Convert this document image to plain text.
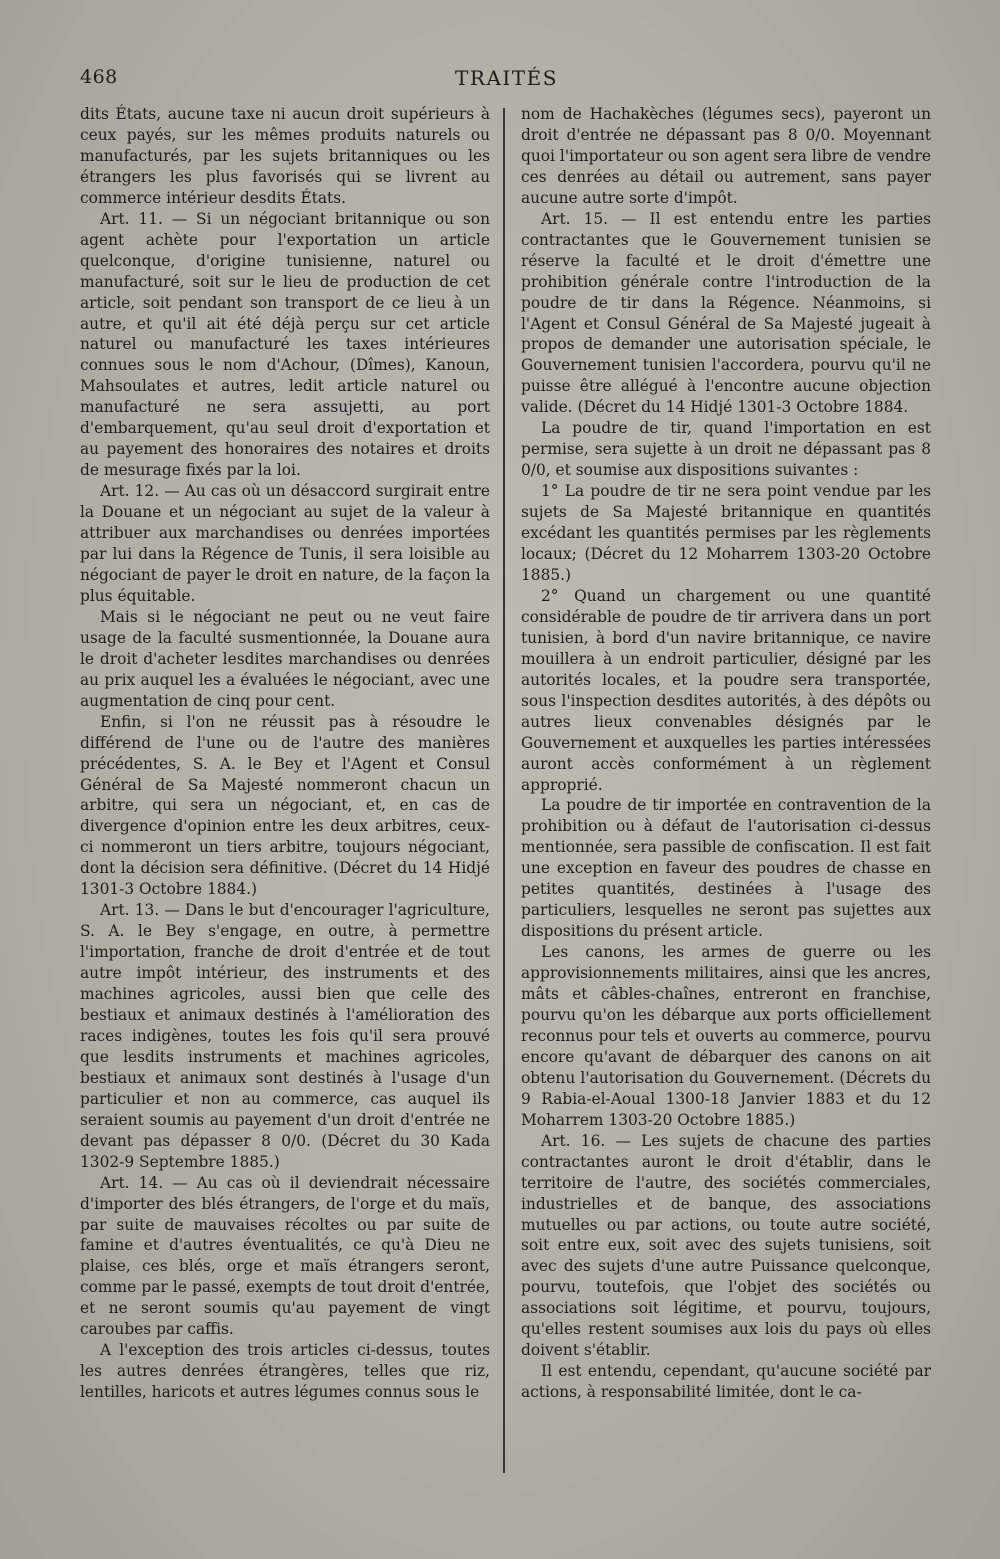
468	TRAITÉS

dits États, aucune taxe ni aucun droit supérieurs à ceux payés, sur les mêmes produits naturels ou manufacturés, par les sujets britanniques ou les étrangers les plus favorisés qui se livrent au commerce intérieur desdits États.

Art. 11. — Si un négociant britannique ou son agent achète pour l'exportation un article quelconque, d'origine tunisienne, naturel ou manufacturé, soit sur le lieu de production de cet article, soit pendant son transport de ce lieu à un autre, et qu'il ait été déjà perçu sur cet article naturel ou manufacturé les taxes intérieures connues sous le nom d'Achour, (Dîmes), Kanoun, Mahsoulates et autres, ledit article naturel ou manufacturé ne sera assujetti, au port d'embarquement, qu'au seul droit d'exportation et au payement des honoraires des notaires et droits de mesurage fixés par la loi.

Art. 12. — Au cas où un désaccord surgirait entre la Douane et un négociant au sujet de la valeur à attribuer aux marchandises ou denrées importées par lui dans la Régence de Tunis, il sera loisible au négociant de payer le droit en nature, de la façon la plus équitable.

Mais si le négociant ne peut ou ne veut faire usage de la faculté susmentionnée, la Douane aura le droit d'acheter lesdites marchandises ou denrées au prix auquel les a évaluées le négociant, avec une augmentation de cinq pour cent.

Enfin, si l'on ne réussit pas à résoudre le différend de l'une ou de l'autre des manières précédentes, S. A. le Bey et l'Agent et Consul Général de Sa Majesté nommeront chacun un arbitre, qui sera un négociant, et, en cas de divergence d'opinion entre les deux arbitres, ceux-ci nommeront un tiers arbitre, toujours négociant, dont la décision sera définitive. (Décret du 14 Hidjé 1301-3 Octobre 1884.)

Art. 13. — Dans le but d'encourager l'agriculture, S. A. le Bey s'engage, en outre, à permettre l'importation, franche de droit d'entrée et de tout autre impôt intérieur, des instruments et des machines agricoles, aussi bien que celle des bestiaux et animaux destinés à l'amélioration des races indigènes, toutes les fois qu'il sera prouvé que lesdits instruments et machines agricoles, bestiaux et animaux sont destinés à l'usage d'un particulier et non au commerce, cas auquel ils seraient soumis au payement d'un droit d'entrée ne devant pas dépasser 8 0/0. (Décret du 30 Kada 1302-9 Septembre 1885.)

Art. 14. — Au cas où il deviendrait nécessaire d'importer des blés étrangers, de l'orge et du maïs, par suite de mauvaises récoltes ou par suite de famine et d'autres éventualités, ce qu'à Dieu ne plaise, ces blés, orge et maïs étrangers seront, comme par le passé, exempts de tout droit d'entrée, et ne seront soumis qu'au payement de vingt caroubes par caffis.

A l'exception des trois articles ci-dessus, toutes les autres denrées étrangères, telles que riz, lentilles, haricots et autres légumes connus sous le

nom de Hachakèches (légumes secs), payeront un droit d'entrée ne dépassant pas 8 0/0. Moyennant quoi l'importateur ou son agent sera libre de vendre ces denrées au détail ou autrement, sans payer aucune autre sorte d'impôt.

Art. 15. — Il est entendu entre les parties contractantes que le Gouvernement tunisien se réserve la faculté et le droit d'émettre une prohibition générale contre l'introduction de la poudre de tir dans la Régence. Néanmoins, si l'Agent et Consul Général de Sa Majesté jugeait à propos de demander une autorisation spéciale, le Gouvernement tunisien l'accordera, pourvu qu'il ne puisse être allégué à l'encontre aucune objection valide. (Décret du 14 Hidjé 1301-3 Octobre 1884.

La poudre de tir, quand l'importation en est permise, sera sujette à un droit ne dépassant pas 8 0/0, et soumise aux dispositions suivantes :

1° La poudre de tir ne sera point vendue par les sujets de Sa Majesté britannique en quantités excédant les quantités permises par les règlements locaux; (Décret du 12 Moharrem 1303-20 Octobre 1885.)

2° Quand un chargement ou une quantité considérable de poudre de tir arrivera dans un port tunisien, à bord d'un navire britannique, ce navire mouillera à un endroit particulier, désigné par les autorités locales, et la poudre sera transportée, sous l'inspection desdites autorités, à des dépôts ou autres lieux convenables désignés par le Gouvernement et auxquelles les parties intéressées auront accès conformément à un règlement approprié.

La poudre de tir importée en contravention de la prohibition ou à défaut de l'autorisation ci-dessus mentionnée, sera passible de confiscation. Il est fait une exception en faveur des poudres de chasse en petites quantités, destinées à l'usage des particuliers, lesquelles ne seront pas sujettes aux dispositions du présent article.

Les canons, les armes de guerre ou les approvisionnements militaires, ainsi que les ancres, mâts et câbles-chaînes, entreront en franchise, pourvu qu'on les débarque aux ports officiellement reconnus pour tels et ouverts au commerce, pourvu encore qu'avant de débarquer des canons on ait obtenu l'autorisation du Gouvernement. (Décrets du 9 Rabia-el-Aoual 1300-18 Janvier 1883 et du 12 Moharrem 1303-20 Octobre 1885.)

Art. 16. — Les sujets de chacune des parties contractantes auront le droit d'établir, dans le territoire de l'autre, des sociétés commerciales, industrielles et de banque, des associations mutuelles ou par actions, ou toute autre société, soit entre eux, soit avec des sujets tunisiens, soit avec des sujets d'une autre Puissance quelconque, pourvu, toutefois, que l'objet des sociétés ou associations soit légitime, et pourvu, toujours, qu'elles restent soumises aux lois du pays où elles doivent s'établir.

Il est entendu, cependant, qu'aucune société par actions, à responsabilité limitée, dont le ca-
